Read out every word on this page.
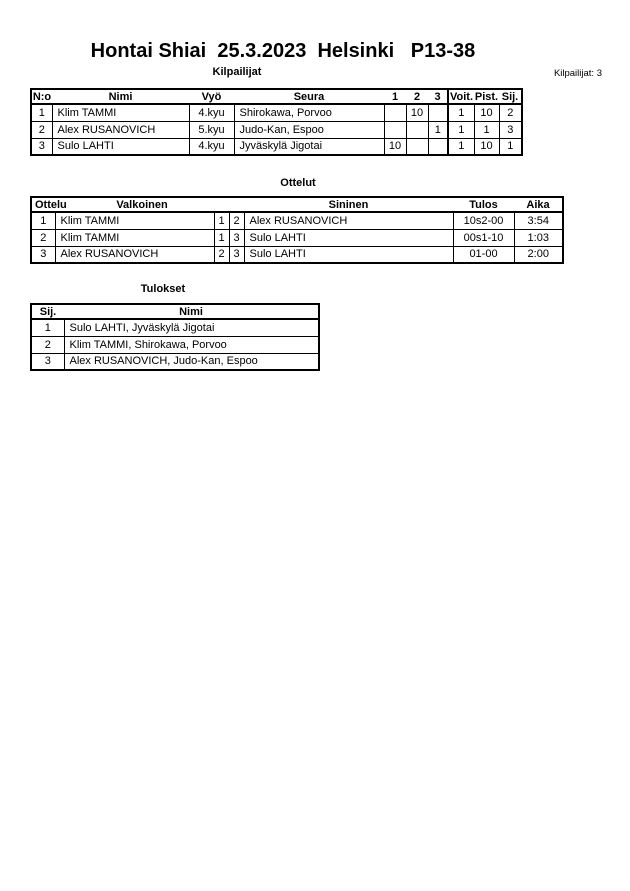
Hontai Shiai  25.3.2023  Helsinki   P13-38
Kilpailijat	Kilpailijat: 3
N:o	Nimi	Vyö	Seura	1	2	3	Voit.	Pist.	Sij.
1	Klim TAMMI	4.kyu	Shirokawa, Porvoo		10		1	10	2
2	Alex RUSANOVICH	5.kyu	Judo-Kan, Espoo			1	1	1	3
3	Sulo LAHTI	4.kyu	Jyväskylä Jigotai	10			1	10	1
Ottelut
Ottelu	Valkoinen			Sininen	Tulos	Aika
1	Klim TAMMI	1	2	Alex RUSANOVICH	10s2-00	3:54
2	Klim TAMMI	1	3	Sulo LAHTI	00s1-10	1:03
3	Alex RUSANOVICH	2	3	Sulo LAHTI	01-00	2:00
Tulokset
Sij.	Nimi
1	Sulo LAHTI, Jyväskylä Jigotai
2	Klim TAMMI, Shirokawa, Porvoo
3	Alex RUSANOVICH, Judo-Kan, Espoo
